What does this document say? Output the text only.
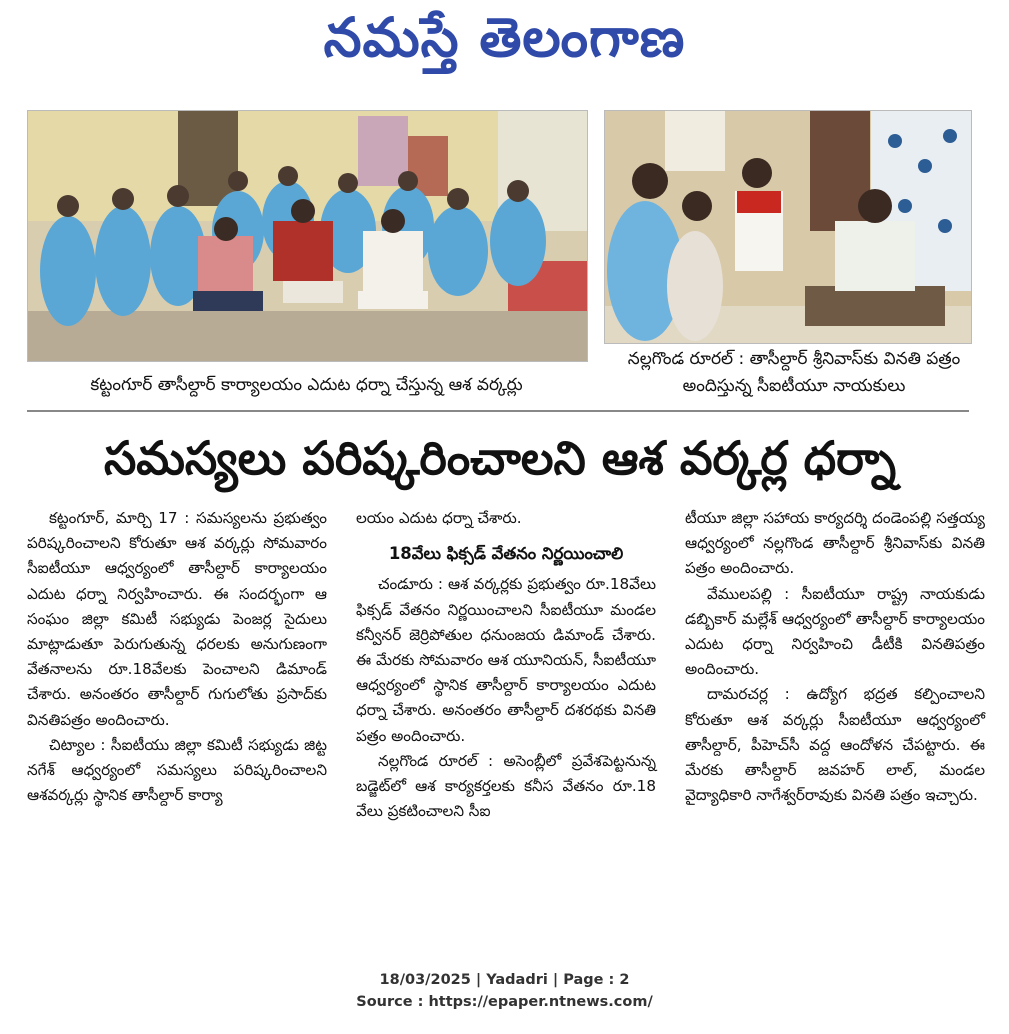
నమస్తే తెలంగాణ
కట్టంగూర్ తాసీల్దార్ కార్యాలయం ఎదుట ధర్నా చేస్తున్న ఆశ వర్కర్లు
నల్లగొండ రూరల్ : తాసీల్దార్ శ్రీనివాస్‌కు వినతి పత్రం
అందిస్తున్న సీఐటీయూ నాయకులు
సమస్యలు పరిష్కరించాలని ఆశ వర్కర్ల ధర్నా

కట్టంగూర్, మార్చి 17 : సమస్యలను ప్రభుత్వం పరిష్కరించాలని కోరుతూ ఆశ వర్కర్లు సోమవారం సీఐటీయూ ఆధ్వర్యంలో తాసీల్దార్ కార్యాలయం ఎదుట ధర్నా నిర్వహించారు. ఈ సందర్భంగా ఆ సంఘం జిల్లా కమిటీ సభ్యుడు పెంజర్ల సైదులు మాట్లాడుతూ పెరుగుతున్న ధరలకు అనుగుణంగా వేతనాలను రూ.18వేలకు పెంచాలని డిమాండ్ చేశారు. అనంతరం తాసీల్దార్ గుగులోతు ప్రసాద్‌కు వినతిపత్రం అందించారు.

చిట్యాల : సీఐటీయు జిల్లా కమిటీ సభ్యుడు జిట్ట నగేశ్ ఆధ్వర్యంలో సమస్యలు పరిష్కరించాలని ఆశవర్కర్లు స్థానిక తాసీల్దార్ కార్యా

లయం ఎదుట ధర్నా చేశారు.

18వేలు ఫిక్సడ్ వేతనం నిర్ణయించాలి

చండూరు : ఆశ వర్కర్లకు ప్రభుత్వం రూ.18వేలు ఫిక్సడ్ వేతనం నిర్ణయించాలని సీఐటీయూ మండల కన్వీనర్ జెర్రిపోతుల ధనుంజయ డిమాండ్ చేశారు. ఈ మేరకు సోమవారం ఆశ యూనియన్, సీఐటీయూ ఆధ్వర్యంలో స్థానిక తాసీల్దార్ కార్యాలయం ఎదుట ధర్నా చేశారు. అనంతరం తాసీల్దార్ దశరథకు వినతి పత్రం అందించారు.

నల్లగొండ రూరల్ : అసెంబ్లీలో ప్రవేశపెట్టనున్న బడ్జెట్‌లో ఆశ కార్యకర్తలకు కనీస వేతనం రూ.18 వేలు ప్రకటించాలని సీఐ

టీయూ జిల్లా సహాయ కార్యదర్శి దండెంపల్లి సత్తయ్య ఆధ్వర్యంలో నల్లగొండ తాసీల్దార్ శ్రీనివాస్‌కు వినతి పత్రం అందించారు.

వేములపల్లి : సీఐటీయూ రాష్ట్ర నాయకుడు డబ్బికార్ మల్లేశ్ ఆధ్వర్యంలో తాసీల్దార్ కార్యాలయం ఎదుట ధర్నా నిర్వహించి డీటీకి వినతిపత్రం అందించారు.

దామరచర్ల : ఉద్యోగ భద్రత కల్పించాలని కోరుతూ ఆశ వర్కర్లు సీఐటీయూ ఆధ్వర్యంలో తాసీల్దార్, పీహెచ్‌సీ వద్ద ఆందోళన చేపట్టారు. ఈ మేరకు తాసీల్దార్ జవహర్ లాల్, మండల వైద్యాధికారి నాగేశ్వర్‌రావుకు వినతి పత్రం ఇచ్చారు.

18/03/2025 | Yadadri | Page : 2
Source : https://epaper.ntnews.com/
